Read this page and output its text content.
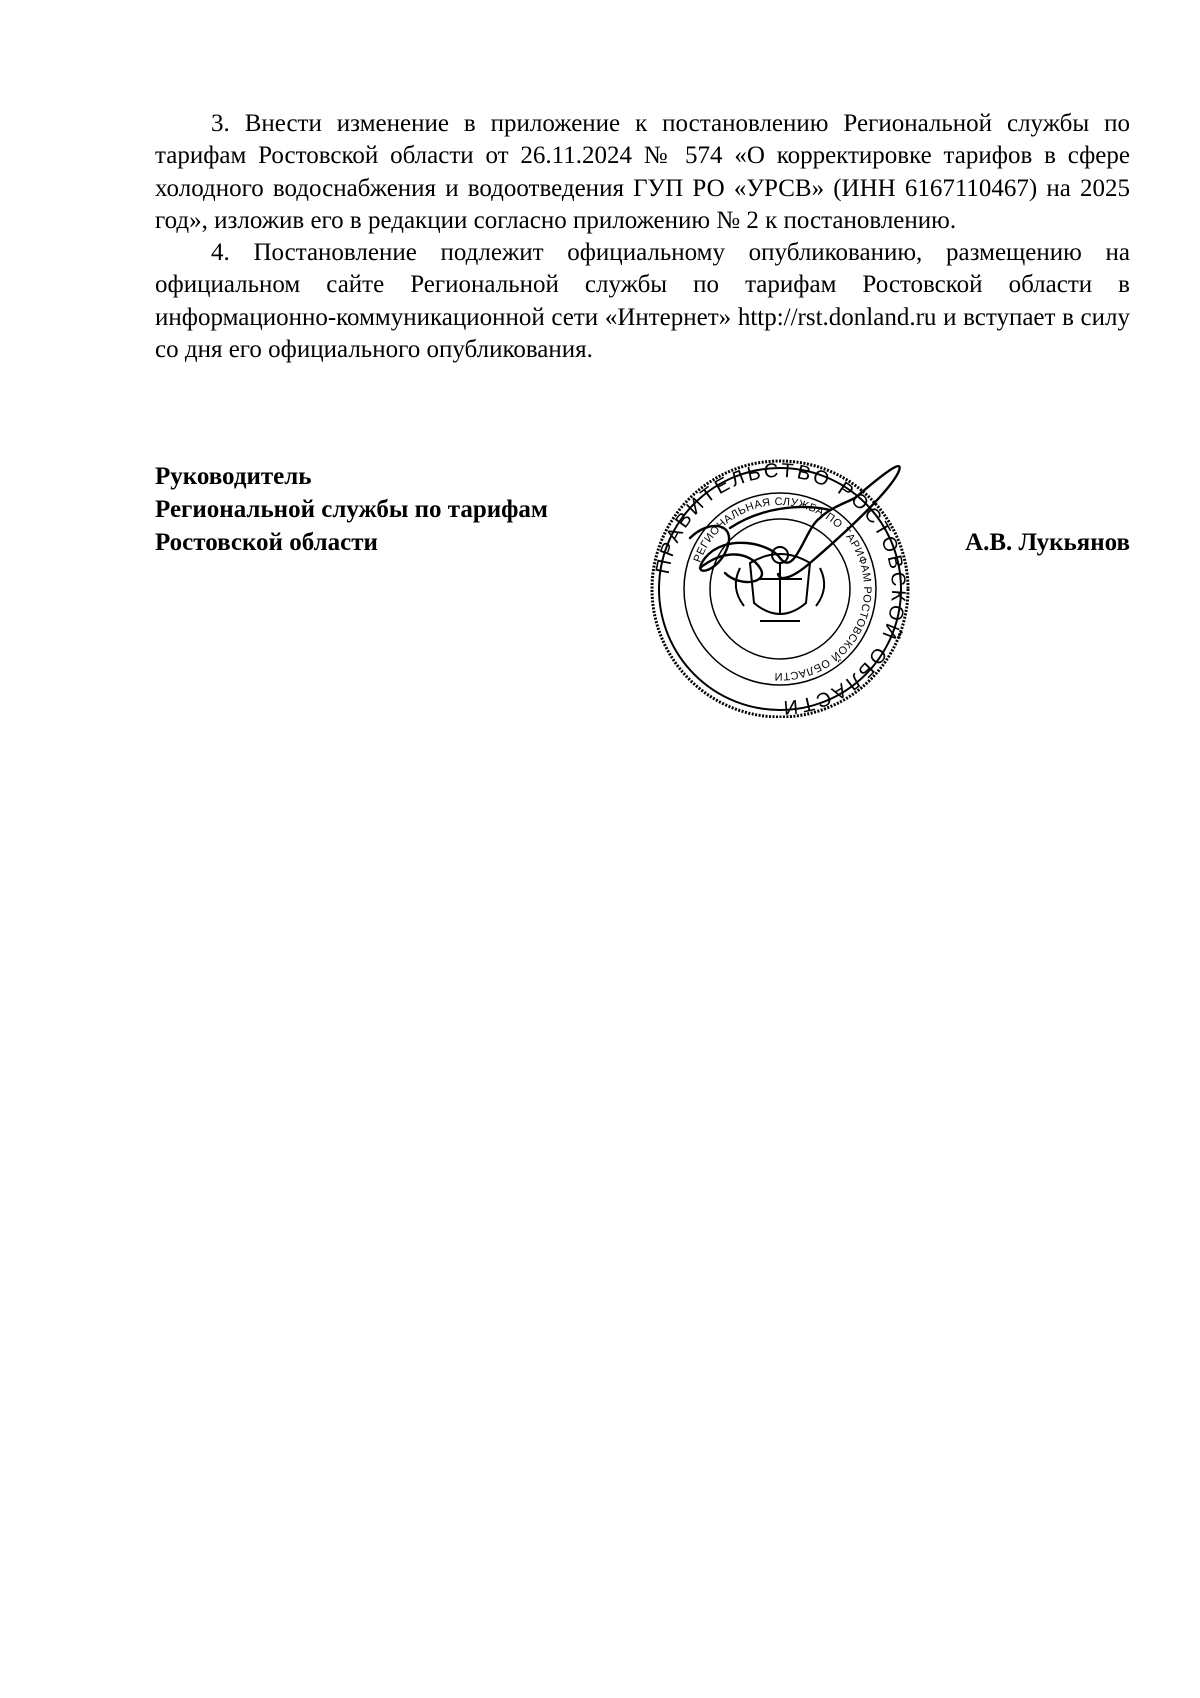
3. Внести изменение в приложение к постановлению Региональной службы по тарифам Ростовской области от 26.11.2024 № 574 «О корректировке тарифов в сфере холодного водоснабжения и водоотведения ГУП РО «УРСВ» (ИНН 6167110467) на 2025 год», изложив его в редакции согласно приложению № 2 к постановлению.

4. Постановление подлежит официальному опубликованию, размещению на официальном сайте Региональной службы по тарифам Ростовской области в информационно-коммуникационной сети «Интернет» http://rst.donland.ru и вступает в силу со дня его официального опубликования.

Руководитель
Региональной службы по тарифам
Ростовской области	А.В. Лукьянов
ПРАВИТЕЛЬСТВО РОСТОВСКОЙ ОБЛАСТИ
РЕГИОНАЛЬНАЯ СЛУЖБА ПО ТАРИФАМ РОСТОВСКОЙ ОБЛАСТИ
